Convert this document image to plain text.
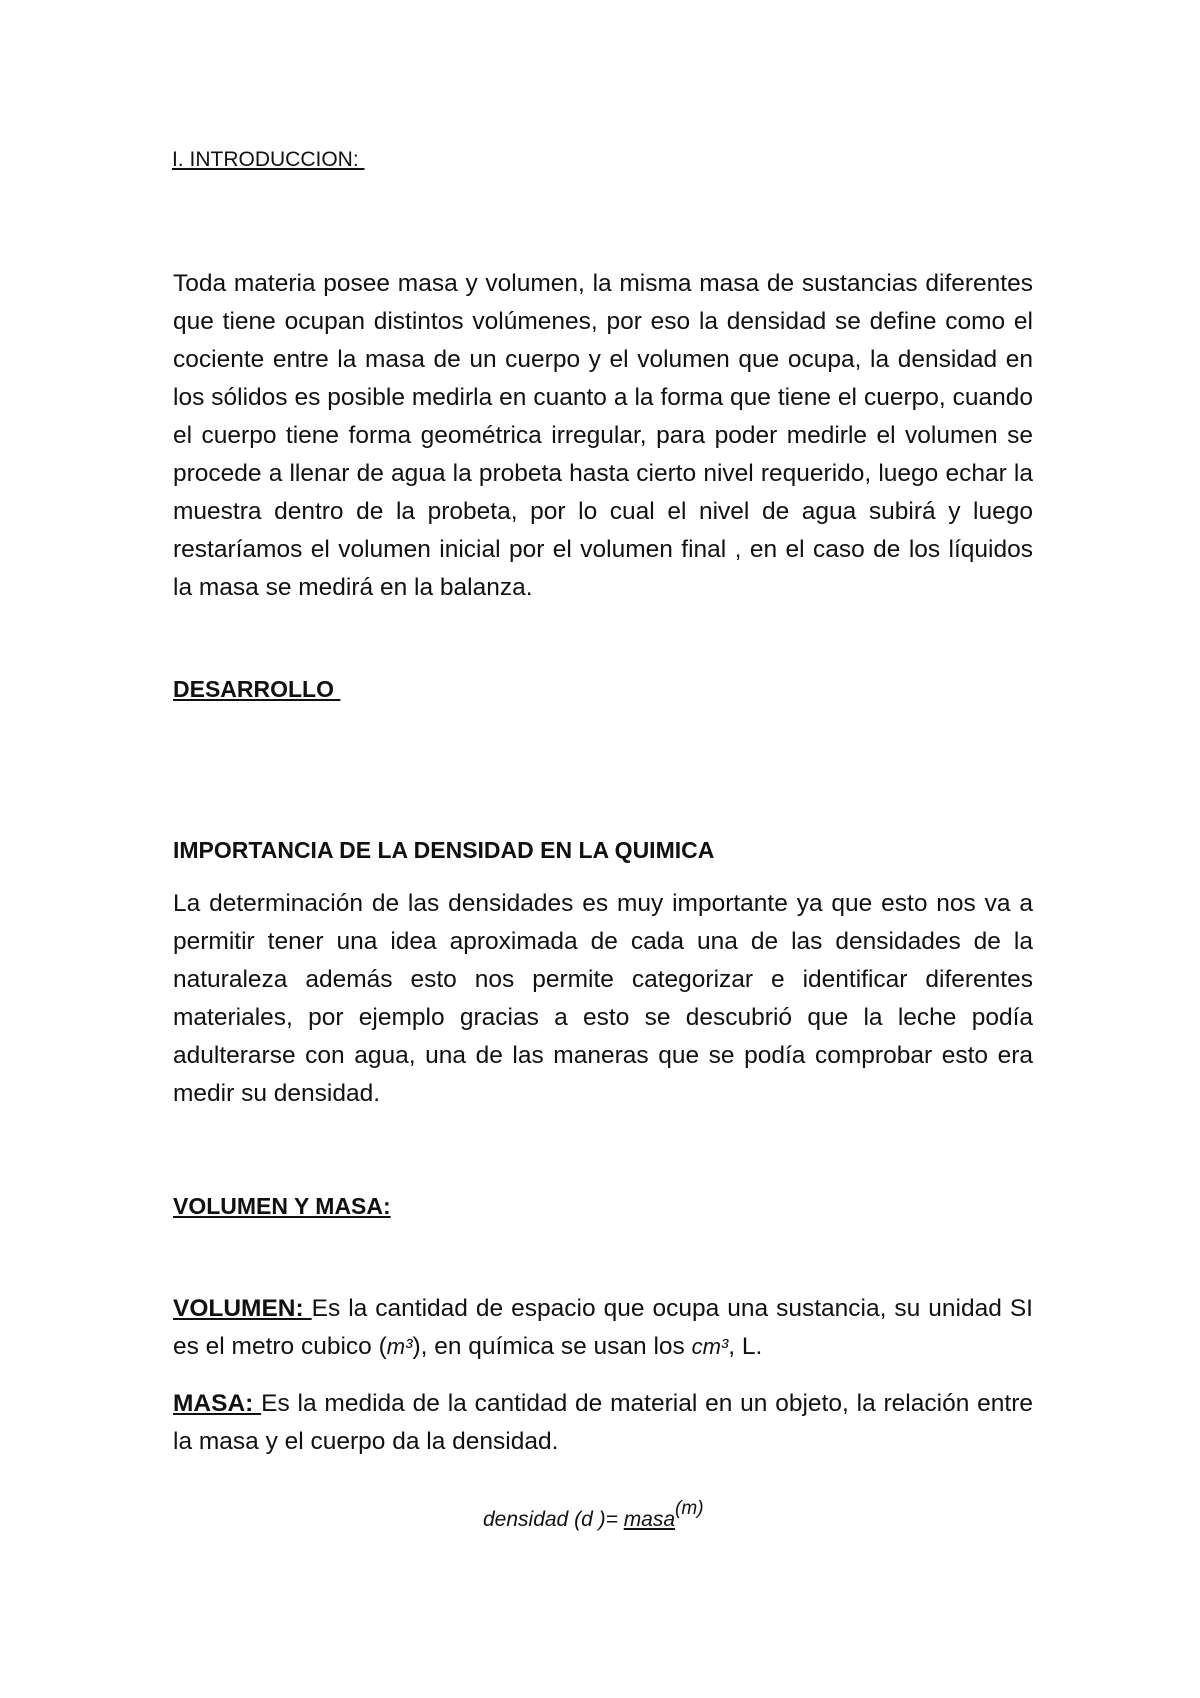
I. INTRODUCCION:
Toda materia posee masa y volumen, la misma masa de sustancias diferentes que tiene ocupan distintos volúmenes, por eso la densidad se define como el cociente entre la masa de un cuerpo y el volumen que ocupa, la densidad en los sólidos es posible medirla en cuanto a la forma que tiene el cuerpo, cuando el cuerpo tiene forma geométrica irregular, para poder medirle el volumen se procede a llenar de agua la probeta hasta cierto nivel requerido, luego echar la muestra dentro de la probeta, por lo cual el nivel de agua subirá y luego restaríamos el volumen inicial por el volumen final , en el caso de los líquidos la masa se medirá en la balanza.
DESARROLLO
IMPORTANCIA DE LA DENSIDAD EN LA QUIMICA
La determinación de las densidades es muy importante ya que esto nos va a permitir tener una idea aproximada de cada una de las densidades de la naturaleza además esto nos permite categorizar e identificar diferentes materiales, por ejemplo gracias a esto se descubrió que la leche podía adulterarse con agua, una de las maneras que se podía comprobar esto era medir su densidad.
VOLUMEN Y MASA:
VOLUMEN: Es la cantidad de espacio que ocupa una sustancia, su unidad SI es el metro cubico (m³), en química se usan los cm³, L.
MASA: Es la medida de la cantidad de material en un objeto, la relación entre la masa y el cuerpo da la densidad.
densidad (d )= masa$^{(m)}$
